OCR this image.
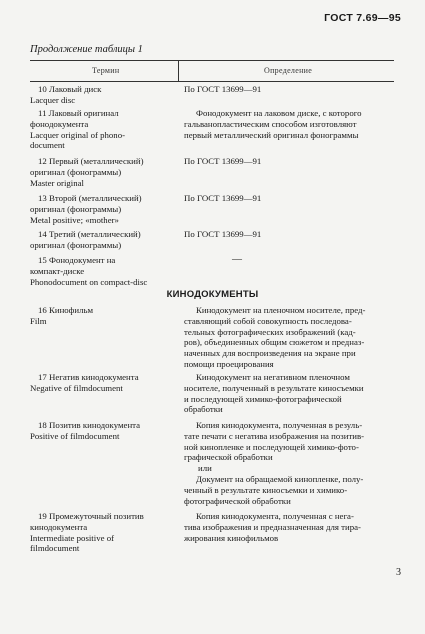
ГОСТ 7.69—95
Продолжение таблицы 1
Термин	Определение
10 Лаковый диск
Lacquer disc
По ГОСТ 13699—91
11 Лаковый оригинал
фонодокумента
Lacquer original of phono-
document
Фонодокумент на лаковом диске, с которого
гальванопластическим способом изготовляют
первый металлический оригинал фонограммы
12 Первый (металлический)
оригинал (фонограммы)
Master original
По ГОСТ 13699—91
13 Второй (металлический)
оригинал (фонограммы)
Metal positive; «mother»
По ГОСТ 13699—91
14 Третий (металлический)
оригинал (фонограммы)
По ГОСТ 13699—91
15 Фонодокумент на
компакт-диске
Phonodocument on compact-disc
—
КИНОДОКУМЕНТЫ
16 Кинофильм
Film
Кинодокумент на пленочном носителе, пред-
ставляющий собой совокупность последова-
тельных фотографических изображений (кад-
ров), объединенных общим сюжетом и предназ-
наченных для воспроизведения на экране при
помощи проецирования
17 Негатив кинодокумента
Negative of filmdocument
Кинодокумент на негативном пленочном
носителе, полученный в результате киносъемки
и последующей химико-фотографической
обработки
18 Позитив кинодокумента
Positive of filmdocument
Копия кинодокумента, полученная в резуль-
тате печати с негатива изображения на позитив-
ной кинопленке и последующей химико-фото-
графической обработки
или
Документ на обращаемой кинопленке, полу-
ченный в результате киносъемки и химико-
фотографической обработки
19 Промежуточный позитив
кинодокумента
Intermediate positive of
filmdocument
Копия кинодокумента, полученная с нега-
тива изображения и предназначенная для тира-
жирования кинофильмов
3
